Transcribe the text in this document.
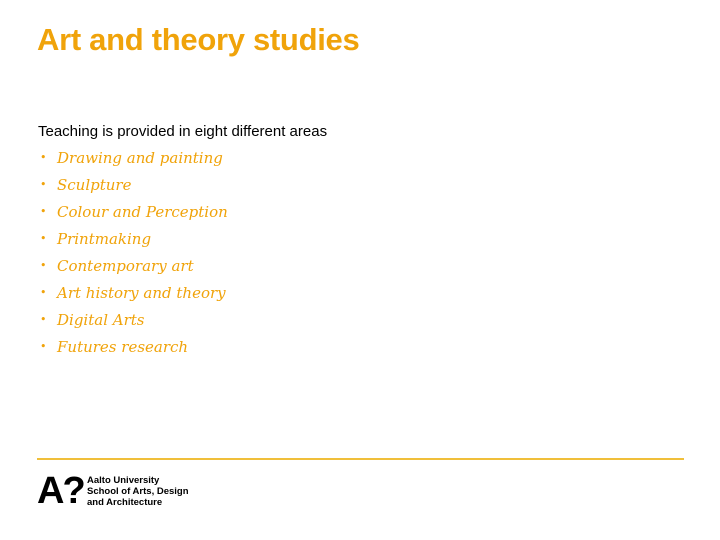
Art and theory studies
Teaching is provided in eight different areas
• Drawing and painting
• Sculpture
• Colour and Perception
• Printmaking
• Contemporary art
• Art history and theory
• Digital Arts
• Futures research
A? Aalto University
School of Arts, Design
and Architecture
